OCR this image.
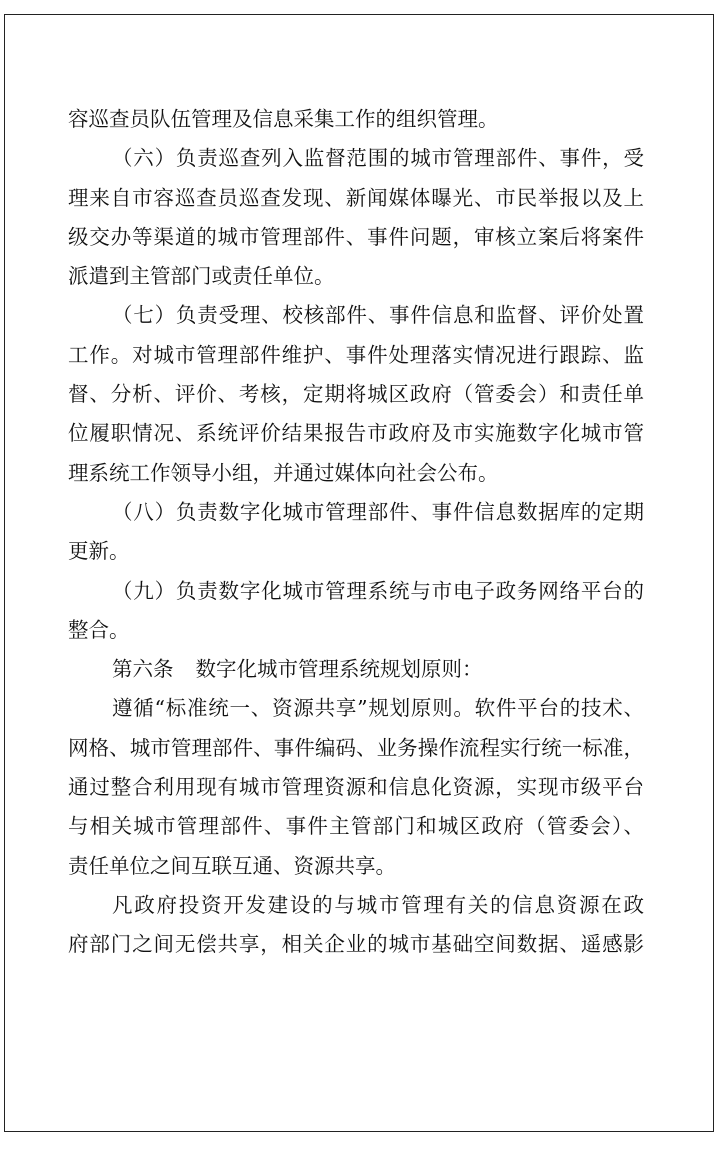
容巡查员队伍管理及信息采集工作的组织管理。
（六）负责巡查列入监督范围的城市管理部件、事件，受
理来自市容巡查员巡查发现、新闻媒体曝光、市民举报以及上
级交办等渠道的城市管理部件、事件问题，审核立案后将案件
派遣到主管部门或责任单位。
（七）负责受理、校核部件、事件信息和监督、评价处置
工作。对城市管理部件维护、事件处理落实情况进行跟踪、监
督、分析、评价、考核，定期将城区政府（管委会）和责任单
位履职情况、系统评价结果报告市政府及市实施数字化城市管
理系统工作领导小组，并通过媒体向社会公布。
（八）负责数字化城市管理部件、事件信息数据库的定期
更新。
（九）负责数字化城市管理系统与市电子政务网络平台的
整合。
第六条 数字化城市管理系统规划原则：
遵循“标准统一、资源共享”规划原则。软件平台的技术、
网格、城市管理部件、事件编码、业务操作流程实行统一标准，
通过整合利用现有城市管理资源和信息化资源，实现市级平台
与相关城市管理部件、事件主管部门和城区政府（管委会）、
责任单位之间互联互通、资源共享。
凡政府投资开发建设的与城市管理有关的信息资源在政
府部门之间无偿共享，相关企业的城市基础空间数据、遥感影
